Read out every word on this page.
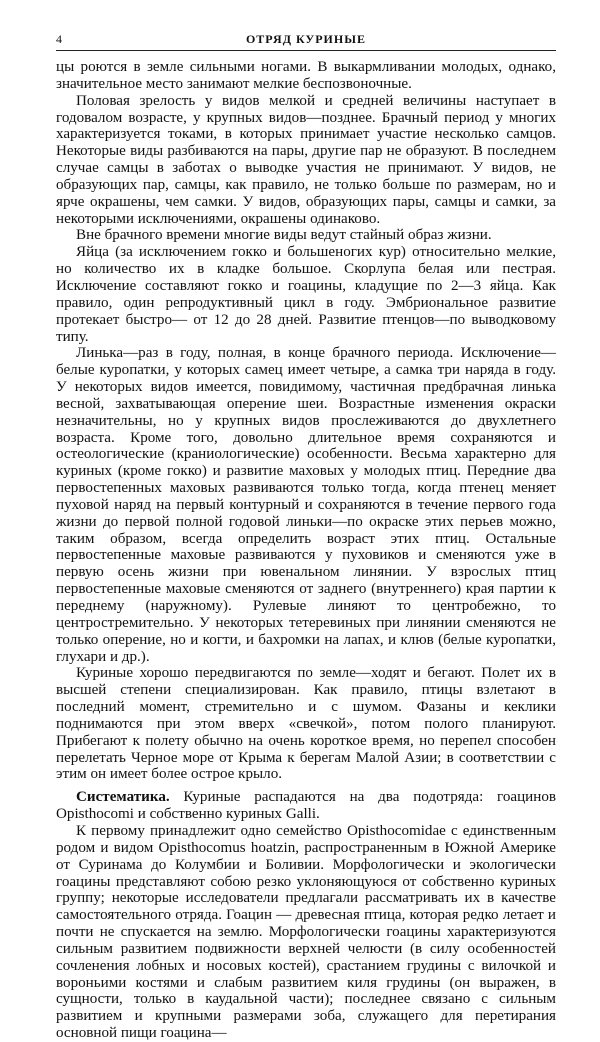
4	ОТРЯД КУРИНЫЕ

цы роются в земле сильными ногами. В выкармливании молодых, однако, значительное место занимают мелкие беспозвоночные.

Половая зрелость у видов мелкой и средней величины наступает в годовалом возрасте, у крупных видов—позднее. Брачный период у многих характеризуется токами, в которых принимает участие несколько самцов. Некоторые виды разбиваются на пары, другие пар не образуют. В последнем случае самцы в заботах о выводке участия не принимают. У видов, не образующих пар, самцы, как правило, не только больше по размерам, но и ярче окрашены, чем самки. У видов, образующих пары, самцы и самки, за некоторыми исключениями, окрашены одинаково.

Вне брачного времени многие виды ведут стайный образ жизни.

Яйца (за исключением гокко и большеногих кур) относительно мелкие, но количество их в кладке большое. Скорлупа белая или пестрая. Исключение составляют гокко и гоацины, кладущие по 2—3 яйца. Как правило, один репродуктивный цикл в году. Эмбриональное развитие протекает быстро— от 12 до 28 дней. Развитие птенцов—по выводковому типу.

Линька—раз в году, полная, в конце брачного периода. Исключение— белые куропатки, у которых самец имеет четыре, а самка три наряда в году. У некоторых видов имеется, повидимому, частичная предбрачная линька весной, захватывающая оперение шеи. Возрастные изменения окраски незначительны, но у крупных видов прослеживаются до двухлетнего возраста. Кроме того, довольно длительное время сохраняются и остеологические (краниологические) особенности. Весьма характерно для куриных (кроме гокко) и развитие маховых у молодых птиц. Передние два первостепенных маховых развиваются только тогда, когда птенец меняет пуховой наряд на первый контурный и сохраняются в течение первого года жизни до первой полной годовой линьки—по окраске этих перьев можно, таким образом, всегда определить возраст этих птиц. Остальные первостепенные маховые развиваются у пуховиков и сменяются уже в первую осень жизни при ювенальном линянии. У взрослых птиц первостепенные маховые сменяются от заднего (внутреннего) края партии к переднему (наружному). Рулевые линяют то центробежно, то центростремительно. У некоторых тетеревиных при линянии сменяются не только оперение, но и когти, и бахромки на лапах, и клюв (белые куропатки, глухари и др.).

Куриные хорошо передвигаются по земле—ходят и бегают. Полет их в высшей степени специализирован. Как правило, птицы взлетают в последний момент, стремительно и с шумом. Фазаны и кеклики поднимаются при этом вверх «свечкой», потом полого планируют. Прибегают к полету обычно на очень короткое время, но перепел способен перелетать Черное море от Крыма к берегам Малой Азии; в соответствии с этим он имеет более острое крыло.

Систематика. Куриные распадаются на два подотряда: гоацинов Opisthocomi и собственно куриных Galli.

К первому принадлежит одно семейство Opisthocomidae с единственным родом и видом Opisthocomus hoatzin, распространенным в Южной Америке от Суринама до Колумбии и Боливии. Морфологически и экологически гоацины представляют собою резко уклоняющуюся от собственно куриных группу; некоторые исследователи предлагали рассматривать их в качестве самостоятельного отряда. Гоацин — древесная птица, которая редко летает и почти не спускается на землю. Морфологически гоацины характеризуются сильным развитием подвижности верхней челюсти (в силу особенностей сочленения лобных и носовых костей), срастанием грудины с вилочкой и вороньими костями и слабым развитием киля грудины (он выражен, в сущности, только в каудальной части); последнее связано с сильным развитием и крупными размерами зоба, служащего для перетирания основной пищи гоацина—
